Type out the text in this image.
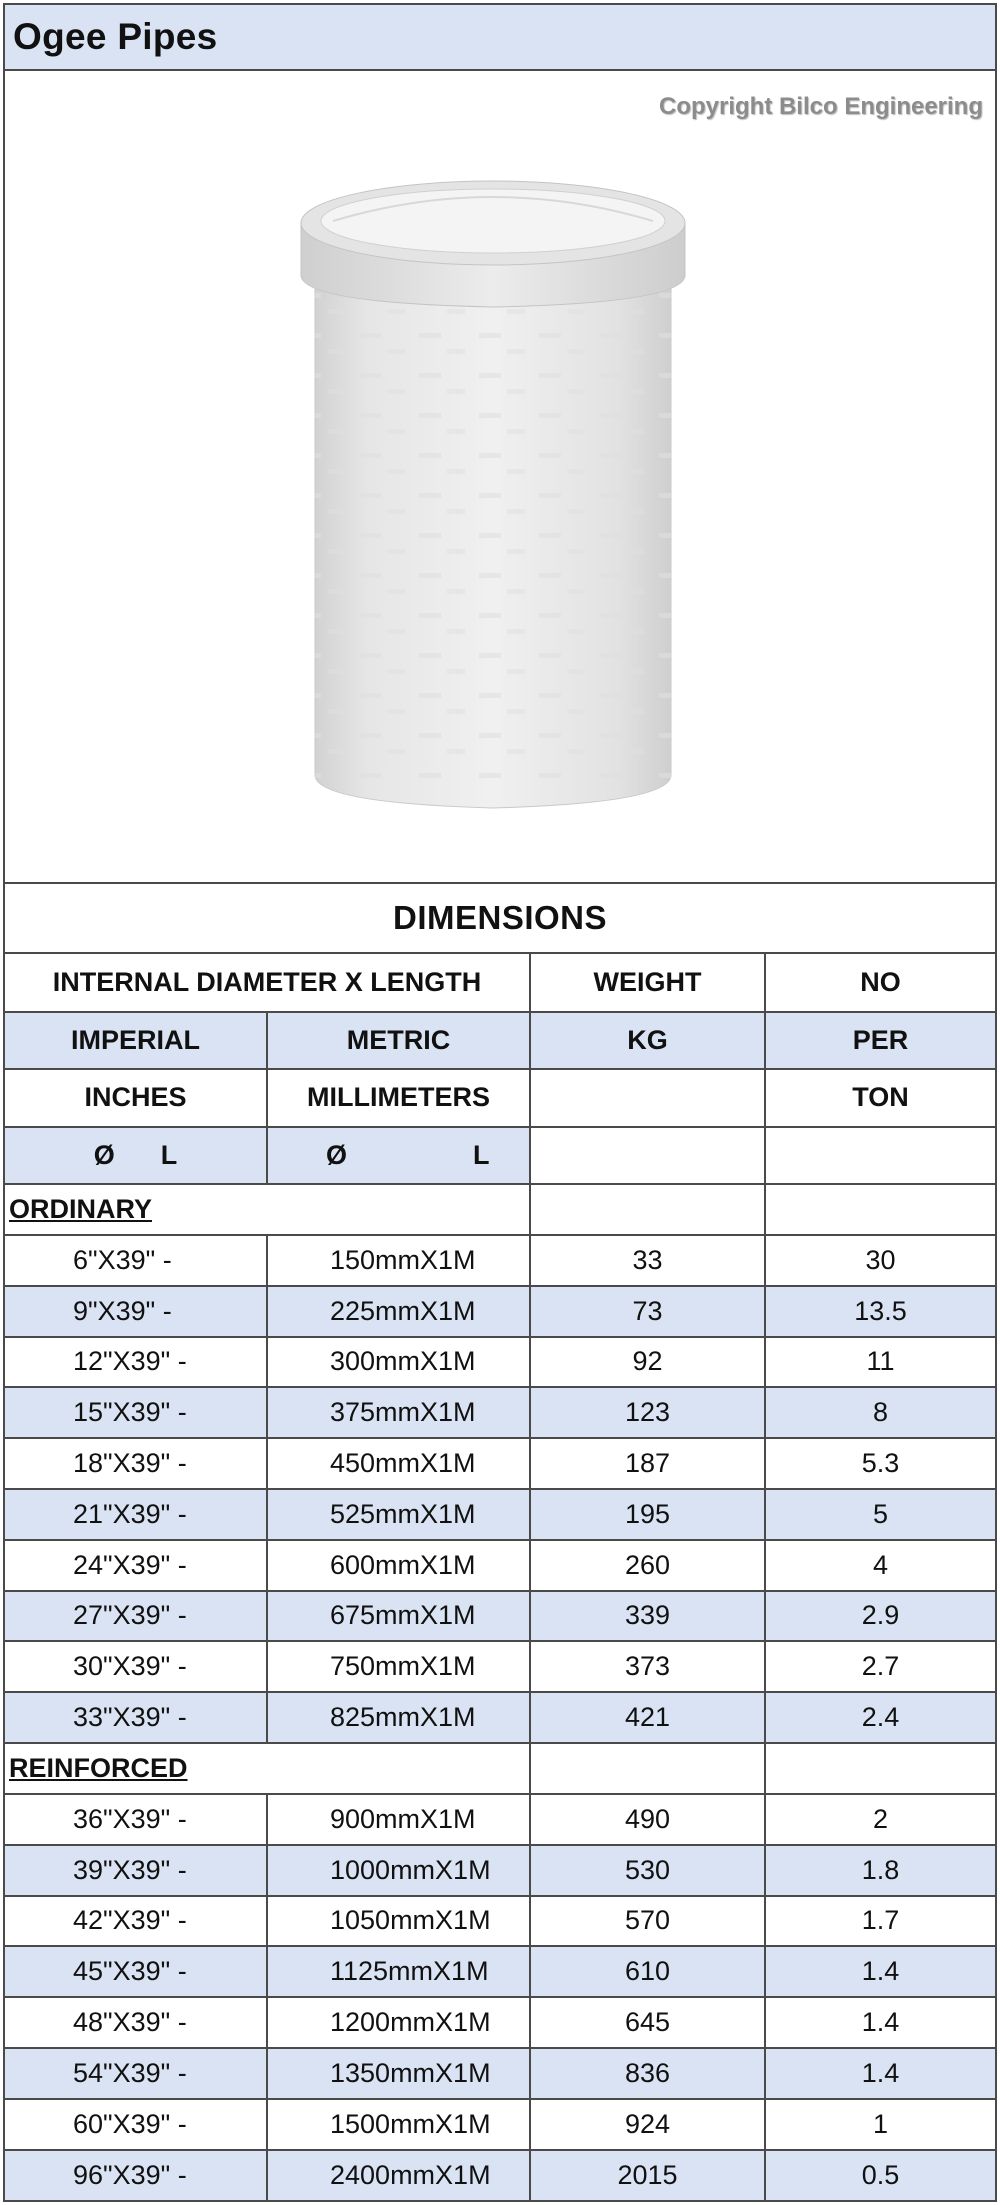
Ogee Pipes
Copyright Bilco Engineering
DIMENSIONS
INTERNAL DIAMETER X LENGTH		WEIGHT	NO
IMPERIAL	METRIC	KG	PER
INCHES	MILLIMETERS		TON

Ø L	Ø L		

ORDINARY			
6"X39" -	150mmX1M	33	30
9"X39" -	225mmX1M	73	13.5
12"X39" -	300mmX1M	92	11
15"X39" -	375mmX1M	123	8
18"X39" -	450mmX1M	187	5.3
21"X39" -	525mmX1M	195	5
24"X39" -	600mmX1M	260	4
27"X39" -	675mmX1M	339	2.9
30"X39" -	750mmX1M	373	2.7
33"X39" -	825mmX1M	421	2.4
REINFORCED			
36"X39" -	900mmX1M	490	2
39"X39" -	1000mmX1M	530	1.8
42"X39" -	1050mmX1M	570	1.7
45"X39" -	1125mmX1M	610	1.4
48"X39" -	1200mmX1M	645	1.4
54"X39" -	1350mmX1M	836	1.4
60"X39" -	1500mmX1M	924	1
96"X39" -	2400mmX1M	2015	0.5
